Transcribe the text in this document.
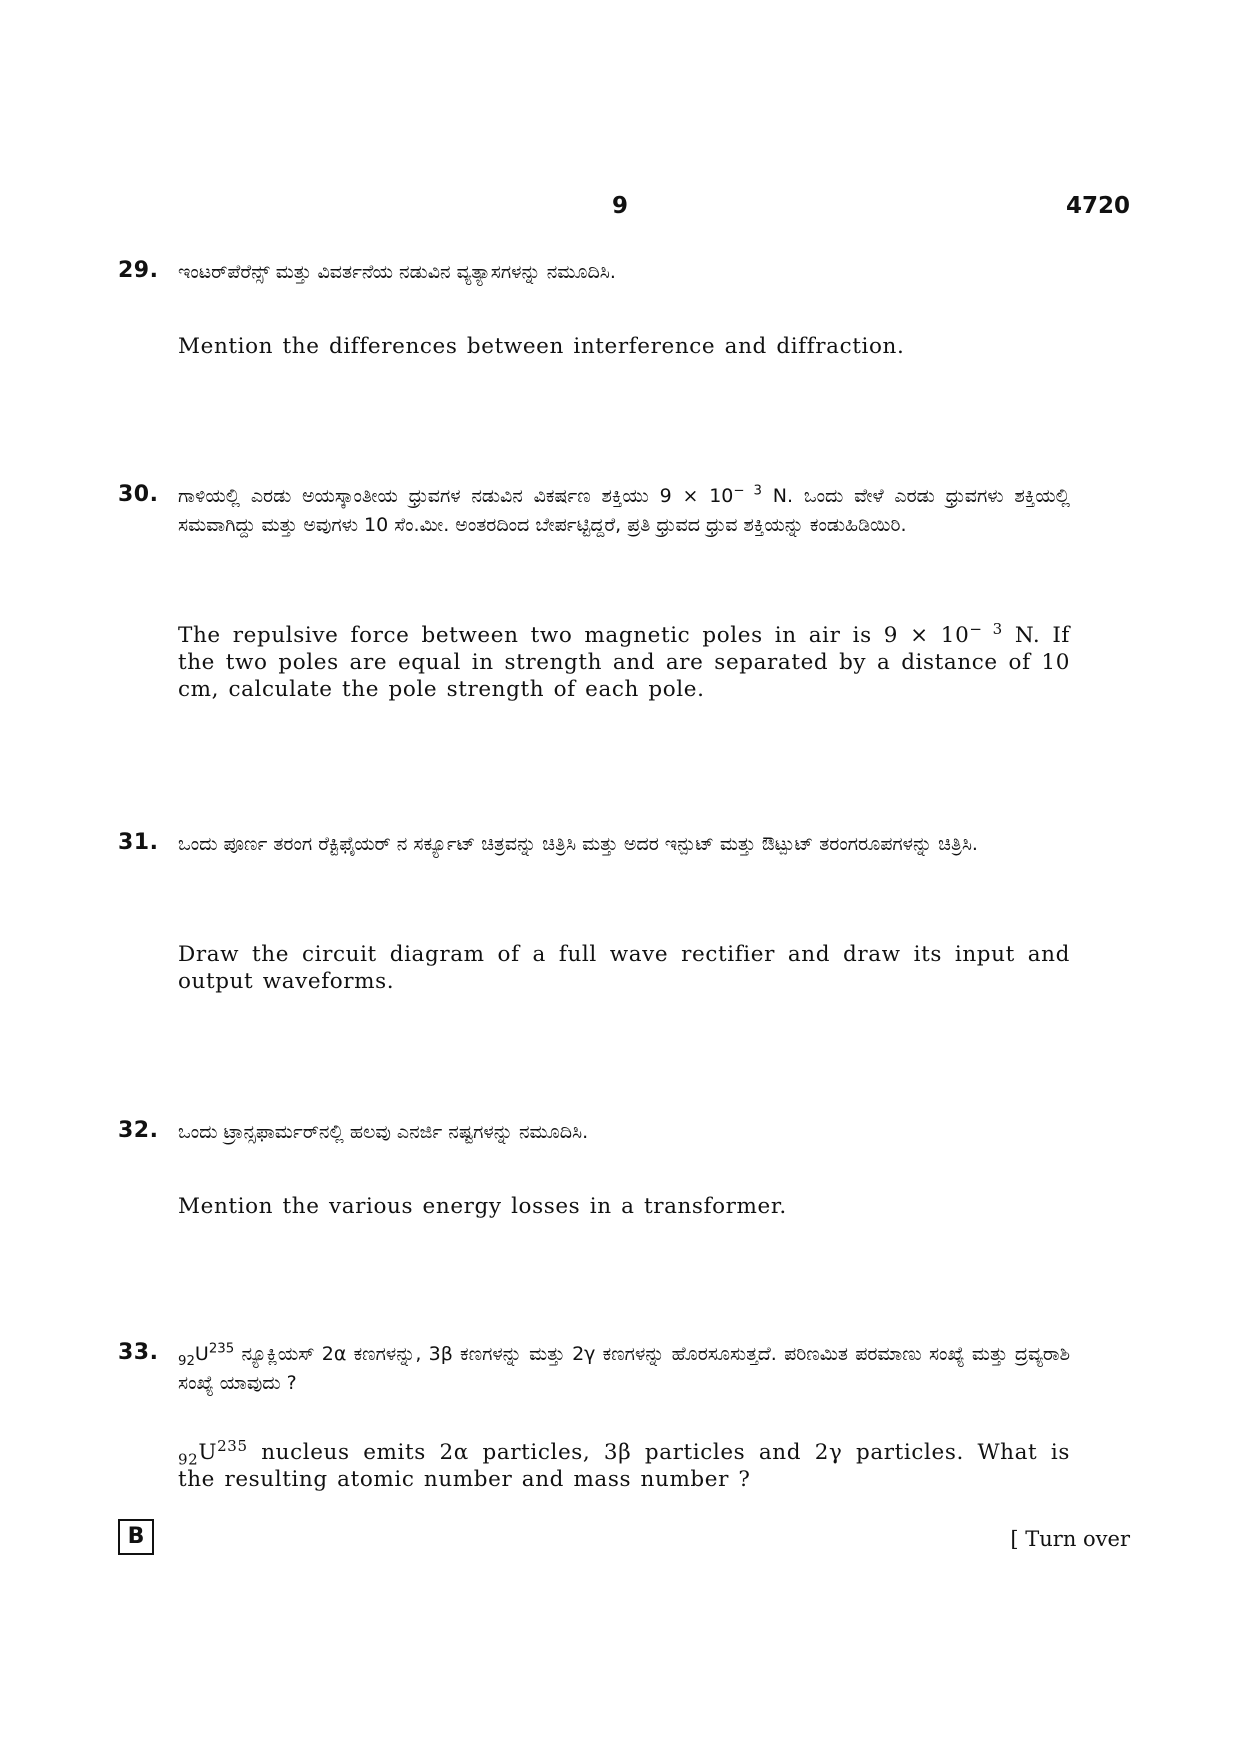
9	4720
29. ಇಂಟರ್‌ಪೆರೆನ್ಸ್ ಮತ್ತು ವಿವರ್ತನೆಯ ನಡುವಿನ ವ್ಯತ್ಯಾಸಗಳನ್ನು ನಮೂದಿಸಿ.
Mention the differences between interference and diffraction.
30. ಗಾಳಿಯಲ್ಲಿ ಎರಡು ಅಯಸ್ಕಾಂತೀಯ ಧ್ರುವಗಳ ನಡುವಿನ ವಿಕರ್ಷಣ ಶಕ್ತಿಯು $9 \times 10^{- 3}$ N. ಒಂದು ವೇಳೆ ಎರಡು ಧ್ರುವಗಳು ಶಕ್ತಿಯಲ್ಲಿ ಸಮವಾಗಿದ್ದು ಮತ್ತು ಅವುಗಳು 10 ಸೆಂ.ಮೀ. ಅಂತರದಿಂದ ಬೇರ್ಪಟ್ಟಿದ್ದರೆ, ಪ್ರತಿ ಧ್ರುವದ ಧ್ರುವ ಶಕ್ತಿಯನ್ನು ಕಂಡುಹಿಡಿಯಿರಿ.
The repulsive force between two magnetic poles in air is $9 \times 10^{- 3}$ N. If the two poles are equal in strength and are separated by a distance of 10 cm, calculate the pole strength of each pole.
31. ಒಂದು ಪೂರ್ಣ ತರಂಗ ರೆಕ್ಟಿಫೈಯರ್ ನ ಸರ್ಕ್ಯೂಟ್ ಚಿತ್ರವನ್ನು ಚಿತ್ರಿಸಿ ಮತ್ತು ಅದರ ಇನ್ಪುಟ್ ಮತ್ತು ಔಟ್ಪುಟ್ ತರಂಗರೂಪಗಳನ್ನು ಚಿತ್ರಿಸಿ.
Draw the circuit diagram of a full wave rectifier and draw its input and output waveforms.
32. ಒಂದು ಟ್ರಾನ್ಸಫಾರ್ಮರ್‌ನಲ್ಲಿ ಹಲವು ಎನರ್ಜಿ ನಷ್ಟಗಳನ್ನು ನಮೂದಿಸಿ.
Mention the various energy losses in a transformer.
33. $_{92}U^{235}$ ನ್ಯೂಕ್ಲಿಯಸ್ 2α ಕಣಗಳನ್ನು, 3β ಕಣಗಳನ್ನು ಮತ್ತು 2γ ಕಣಗಳನ್ನು ಹೊರಸೂಸುತ್ತದೆ. ಪರಿಣಮಿತ ಪರಮಾಣು ಸಂಖ್ಯೆ ಮತ್ತು ದ್ರವ್ಯರಾಶಿ ಸಂಖ್ಯೆ ಯಾವುದು ?
$_{92}U^{235}$ nucleus emits 2α particles, 3β particles and 2γ particles. What is the resulting atomic number and mass number ?
B	[ Turn over
